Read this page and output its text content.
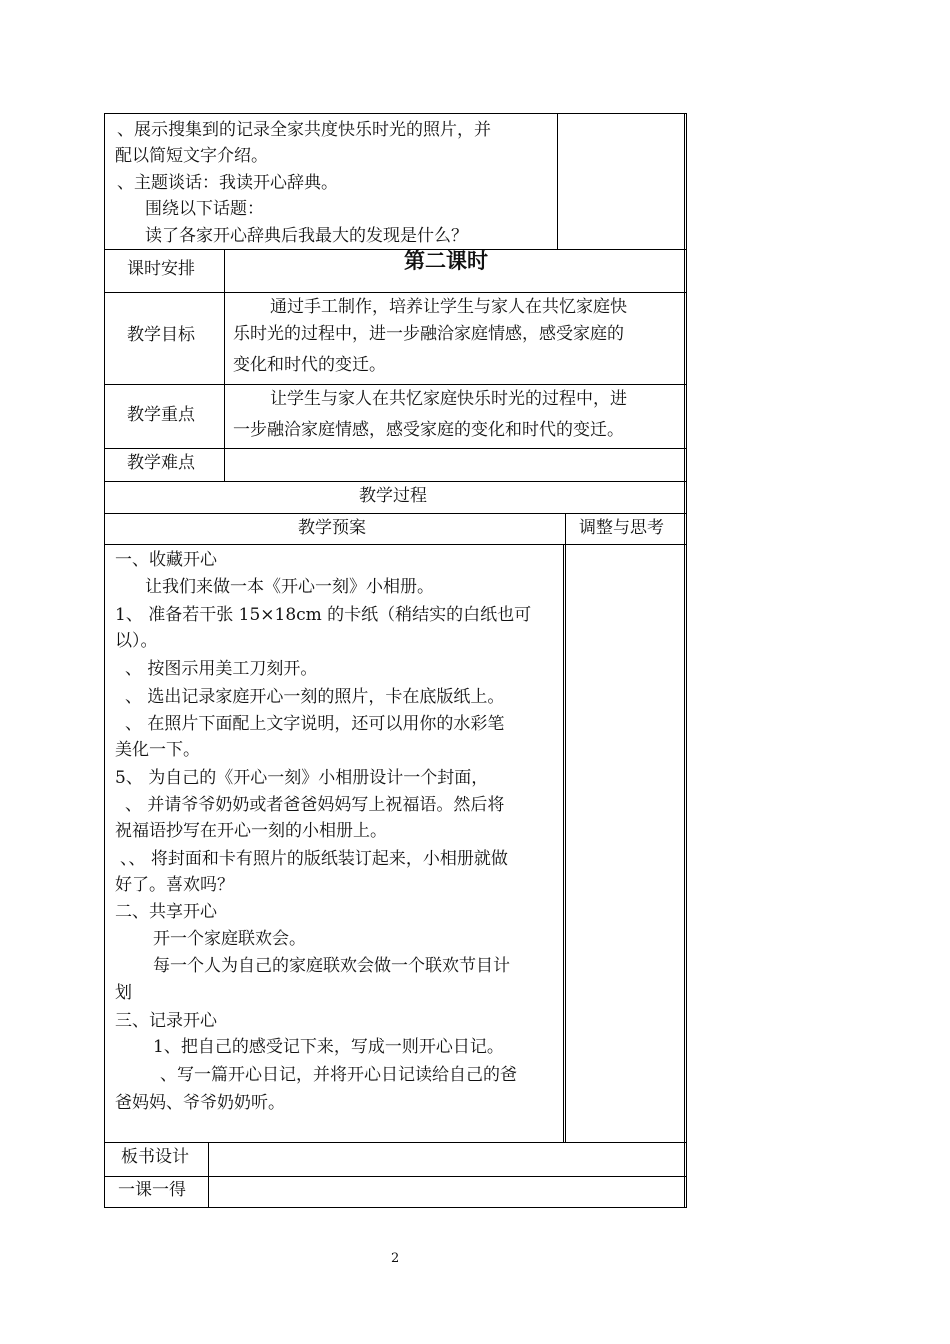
、展示搜集到的记录全家共度快乐时光的照片，并
配以简短文字介绍。
、主题谈话：我读开心辞典。
围绕以下话题：
读了各家开心辞典后我最大的发现是什么？
课时安排	第二课时
教学目标
通过手工制作，培养让学生与家人在共忆家庭快
乐时光的过程中，进一步融洽家庭情感，感受家庭的
变化和时代的变迁。
教学重点
让学生与家人在共忆家庭快乐时光的过程中，进
一步融洽家庭情感，感受家庭的变化和时代的变迁。
教学难点
教学过程
教学预案	调整与思考
一、收藏开心
让我们来做一本《开心一刻》小相册。
1、 准备若干张 15×18cm 的卡纸（稍结实的白纸也可
以）。
、 按图示用美工刀刻开。
、 选出记录家庭开心一刻的照片，卡在底版纸上。
、 在照片下面配上文字说明，还可以用你的水彩笔
美化一下。
5、 为自己的《开心一刻》小相册设计一个封面，
、 并请爷爷奶奶或者爸爸妈妈写上祝福语。然后将
祝福语抄写在开心一刻的小相册上。
、、 将封面和卡有照片的版纸装订起来，小相册就做
好了。喜欢吗？
二、共享开心
开一个家庭联欢会。
每一个人为自己的家庭联欢会做一个联欢节目计
划
三、记录开心
1、把自己的感受记下来，写成一则开心日记。
、写一篇开心日记，并将开心日记读给自己的爸
爸妈妈、爷爷奶奶听。
板书设计
一课一得
2
